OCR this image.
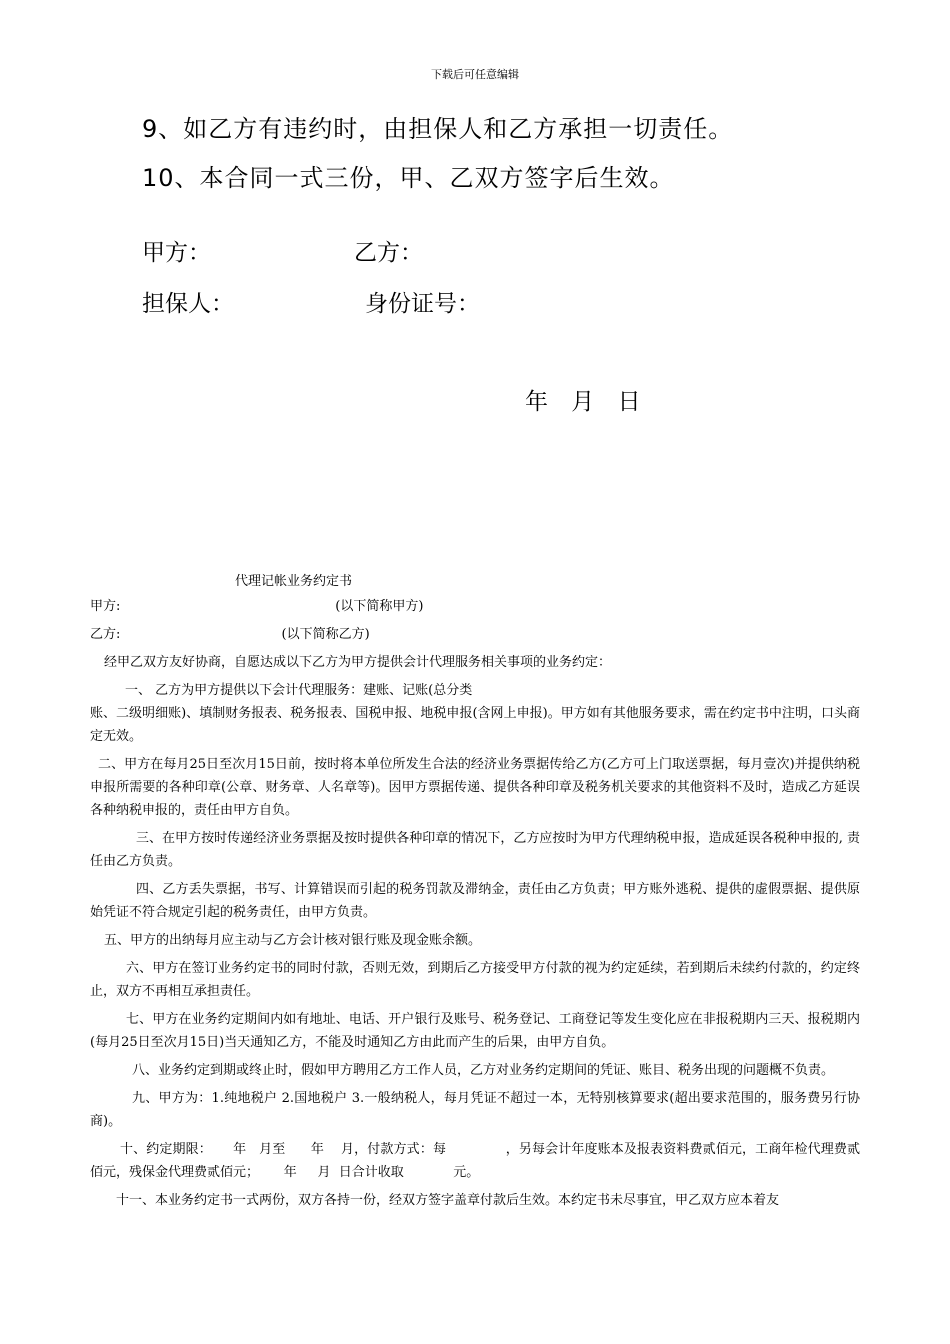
下载后可任意编辑
9、如乙方有违约时，由担保人和乙方承担一切责任。
10、本合同一式三份，甲、乙双方签字后生效。
甲方：	乙方：
担保人：	身份证号：
年 月 日
代理记帐业务约定书

甲方:                                                    (以下简称甲方)

乙方:                                       (以下简称乙方)

经甲乙双方友好协商，自愿达成以下乙方为甲方提供会计代理服务相关事项的业务约定：

一、 乙方为甲方提供以下会计代理服务：建账、记账(总分类

账、二级明细账)、填制财务报表、税务报表、国税申报、地税申报(含网上申报)。甲方如有其他服务要求，需在约定书中注明，口头商定无效。

二、甲方在每月25日至次月15日前，按时将本单位所发生合法的经济业务票据传给乙方(乙方可上门取送票据，每月壹次)并提供纳税申报所需要的各种印章(公章、财务章、人名章等)。因甲方票据传递、提供各种印章及税务机关要求的其他资料不及时，造成乙方延误各种纳税申报的，责任由甲方自负。

三、在甲方按时传递经济业务票据及按时提供各种印章的情况下，乙方应按时为甲方代理纳税申报，造成延误各税种申报的, 责任由乙方负责。

四、乙方丢失票据，书写、计算错误而引起的税务罚款及滞纳金，责任由乙方负责；甲方账外逃税、提供的虚假票据、提供原始凭证不符合规定引起的税务责任，由甲方负责。

五、甲方的出纳每月应主动与乙方会计核对银行账及现金账余额。

六、甲方在签订业务约定书的同时付款，否则无效，到期后乙方接受甲方付款的视为约定延续，若到期后未续约付款的，约定终止，双方不再相互承担责任。

七、甲方在业务约定期间内如有地址、电话、开户银行及账号、税务登记、工商登记等发生变化应在非报税期内三天、报税期内(每月25日至次月15日)当天通知乙方，不能及时通知乙方由此而产生的后果，由甲方自负。

八、业务约定到期或终止时，假如甲方聘用乙方工作人员，乙方对业务约定期间的凭证、账目、税务出现的问题概不负责。

九、甲方为：1.纯地税户 2.国地税户 3.一般纳税人，每月凭证不超过一本，无特别核算要求(超出要求范围的，服务费另行协商)。

十、约定期限：     年   月至      年    月，付款方式：每              ，另每会计年度账本及报表资料费贰佰元，工商年检代理费贰佰元，残保金代理费贰佰元；      年     月  日合计收取            元。

十一、本业务约定书一式两份，双方各持一份，经双方签字盖章付款后生效。本约定书未尽事宜，甲乙双方应本着友
